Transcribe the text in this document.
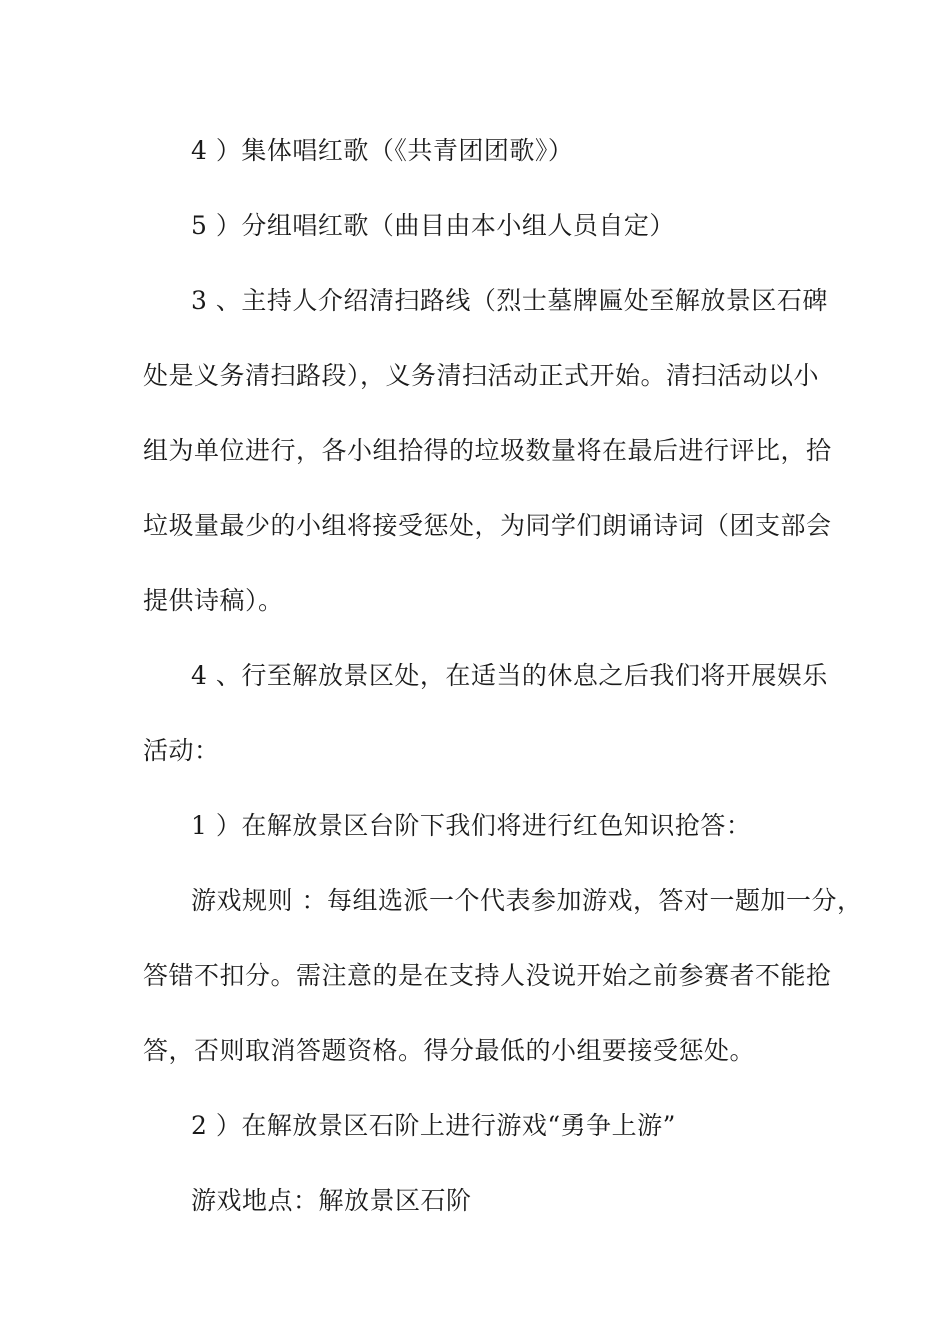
4 ）集体唱红歌（《共青团团歌》）
5 ）分组唱红歌（曲目由本小组人员自定）
3 、主持人介绍清扫路线（烈士墓牌匾处至解放景区石碑
处是义务清扫路段），义务清扫活动正式开始。清扫活动以小
组为单位进行，各小组拾得的垃圾数量将在最后进行评比，拾
垃圾量最少的小组将接受惩处，为同学们朗诵诗词（团支部会
提供诗稿）。
4 、行至解放景区处，在适当的休息之后我们将开展娱乐
活动：
1 ）在解放景区台阶下我们将进行红色知识抢答：
游戏规则 ：每组选派一个代表参加游戏，答对一题加一分，
答错不扣分。需注意的是在支持人没说开始之前参赛者不能抢
答，否则取消答题资格。得分最低的小组要接受惩处。
2 ）在解放景区石阶上进行游戏“勇争上游”
游戏地点：解放景区石阶
